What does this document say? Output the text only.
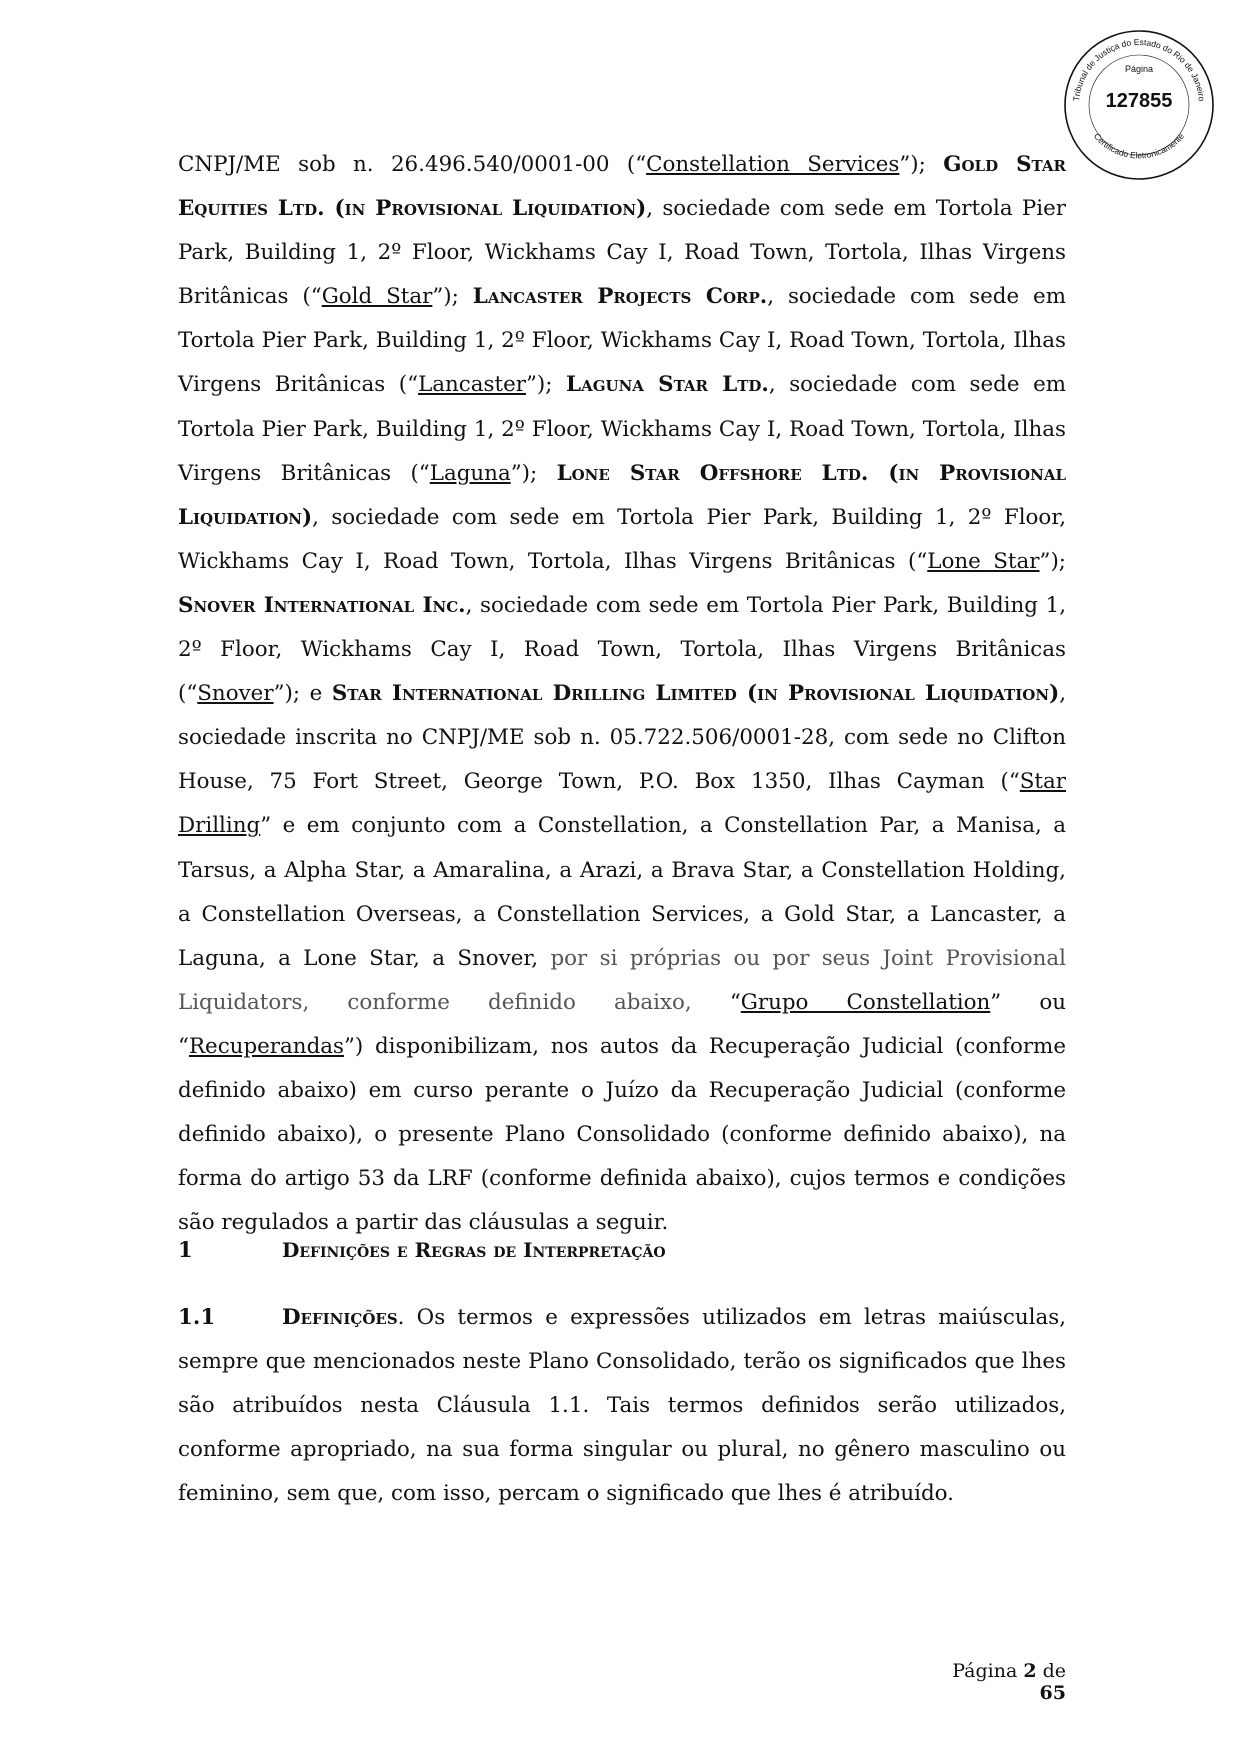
Tribunal de Justiça do Estado do Rio de Janeiro
Certificado Eletronicamente
Página
127855

CNPJ/ME sob n. 26.496.540/0001-00 (“Constellation Services”); Gold Star Equities Ltd. (in Provisional Liquidation), sociedade com sede em Tortola Pier Park, Building 1, 2º Floor, Wickhams Cay I, Road Town, Tortola, Ilhas Virgens Britânicas (“Gold Star”); Lancaster Projects Corp., sociedade com sede em Tortola Pier Park, Building 1, 2º Floor, Wickhams Cay I, Road Town, Tortola, Ilhas Virgens Britânicas (“Lancaster”); Laguna Star Ltd., sociedade com sede em Tortola Pier Park, Building 1, 2º Floor, Wickhams Cay I, Road Town, Tortola, Ilhas Virgens Britânicas (“Laguna”); Lone Star Offshore Ltd. (in Provisional Liquidation), sociedade com sede em Tortola Pier Park, Building 1, 2º Floor, Wickhams Cay I, Road Town, Tortola, Ilhas Virgens Britânicas (“Lone Star”); Snover International Inc., sociedade com sede em Tortola Pier Park, Building 1, 2º Floor, Wickhams Cay I, Road Town, Tortola, Ilhas Virgens Britânicas (“Snover”); e Star International Drilling Limited (in Provisional Liquidation), sociedade inscrita no CNPJ/ME sob n. 05.722.506/0001-28, com sede no Clifton House, 75 Fort Street, George Town, P.O. Box 1350, Ilhas Cayman (“Star Drilling” e em conjunto com a Constellation, a Constellation Par, a Manisa, a Tarsus, a Alpha Star, a Amaralina, a Arazi, a Brava Star, a Constellation Holding, a Constellation Overseas, a Constellation Services, a Gold Star, a Lancaster, a Laguna, a Lone Star, a Snover, por si próprias ou por seus Joint Provisional Liquidators, conforme definido abaixo, “Grupo Constellation” ou “Recuperandas”) disponibilizam, nos autos da Recuperação Judicial (conforme definido abaixo) em curso perante o Juízo da Recuperação Judicial (conforme definido abaixo), o presente Plano Consolidado (conforme definido abaixo), na forma do artigo 53 da LRF (conforme definida abaixo), cujos termos e condições são regulados a partir das cláusulas a seguir.

1	Definições e Regras de Interpretação

1.1	Definições. Os termos e expressões utilizados em letras maiúsculas, sempre que mencionados neste Plano Consolidado, terão os significados que lhes são atribuídos nesta Cláusula 1.1. Tais termos definidos serão utilizados, conforme apropriado, na sua forma singular ou plural, no gênero masculino ou feminino, sem que, com isso, percam o significado que lhes é atribuído.

Página 2 de 65
